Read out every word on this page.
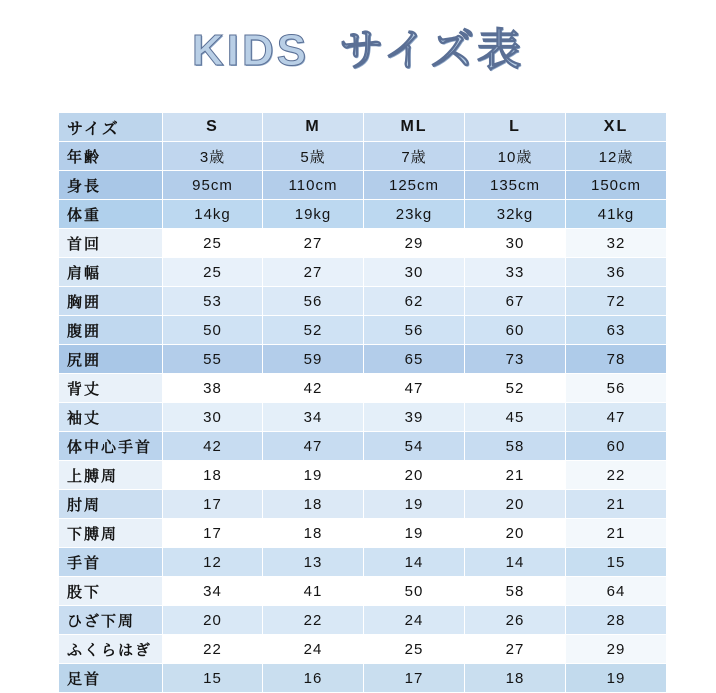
KIDS  サイズ表
サイズ	S	M	ML	L	XL
年齢	3歳	5歳	7歳	10歳	12歳
身長	95cm	110cm	125cm	135cm	150cm
体重	14kg	19kg	23kg	32kg	41kg
首回	25	27	29	30	32
肩幅	25	27	30	33	36
胸囲	53	56	62	67	72
腹囲	50	52	56	60	63
尻囲	55	59	65	73	78
背丈	38	42	47	52	56
袖丈	30	34	39	45	47
体中心手首	42	47	54	58	60
上膊周	18	19	20	21	22
肘周	17	18	19	20	21
下膊周	17	18	19	20	21
手首	12	13	14	14	15
股下	34	41	50	58	64
ひざ下周	20	22	24	26	28
ふくらはぎ	22	24	25	27	29
足首	15	16	17	18	19
